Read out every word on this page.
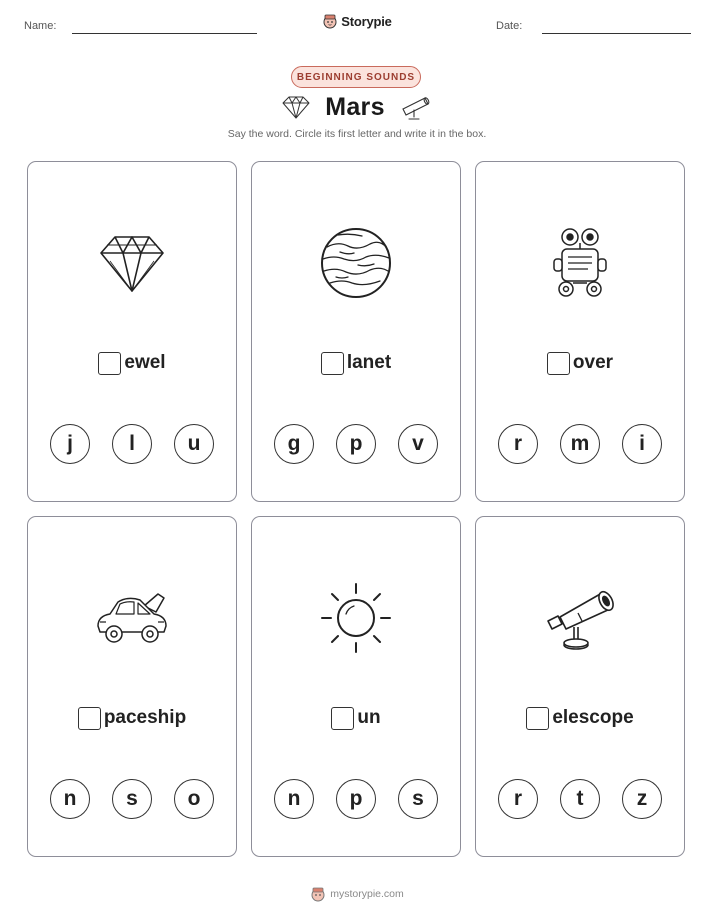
Name:	Storypie	Date:
BEGINNING SOUNDS
Mars
Say the word. Circle its first letter and write it in the box.
ewel
j	l	u
lanet
g	p	v
over
r	m	i
paceship
n	s	o
un
n	p	s
elescope
r	t	z
mystorypie.com
